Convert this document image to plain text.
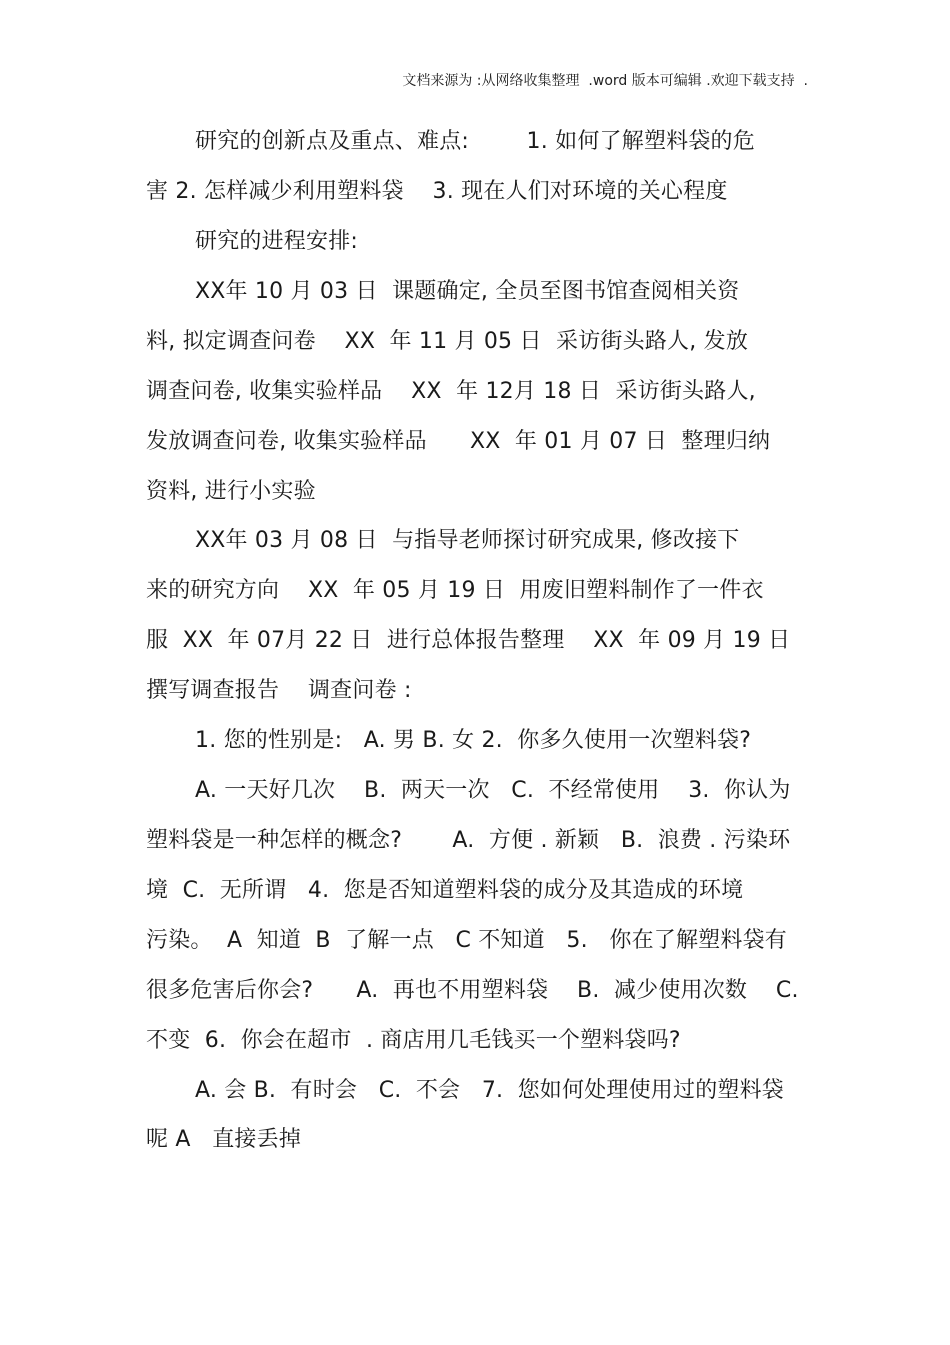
文档来源为 :从网络收集整理  .word 版本可编辑 .欢迎下载支持  .
研究的创新点及重点、难点:        1. 如何了解塑料袋的危
害 2. 怎样减少利用塑料袋    3. 现在人们对环境的关心程度
研究的进程安排:
XX年 10 月 03 日  课题确定, 全员至图书馆查阅相关资
料, 拟定调查问卷    XX  年 11 月 05 日  采访街头路人, 发放
调查问卷, 收集实验样品    XX  年 12月 18 日  采访街头路人,
发放调查问卷, 收集实验样品      XX  年 01 月 07 日  整理归纳
资料, 进行小实验
XX年 03 月 08 日  与指导老师探讨研究成果, 修改接下
来的研究方向    XX  年 05 月 19 日  用废旧塑料制作了一件衣
服  XX  年 07月 22 日  进行总体报告整理    XX  年 09 月 19 日
撰写调查报告    调查问卷 :
1. 您的性别是:   A. 男 B. 女 2.  你多久使用一次塑料袋?
A. 一天好几次    B.  两天一次   C.  不经常使用    3.  你认为
塑料袋是一种怎样的概念?       A.  方便 . 新颖   B.  浪费 . 污染环
境  C.  无所谓   4.  您是否知道塑料袋的成分及其造成的环境
污染。  A  知道  B  了解一点   C 不知道   5.   你在了解塑料袋有
很多危害后你会?      A.  再也不用塑料袋    B.  减少使用次数    C.
不变  6.  你会在超市  . 商店用几毛钱买一个塑料袋吗?
A. 会 B.  有时会   C.  不会   7.  您如何处理使用过的塑料袋
呢 A   直接丢掉
